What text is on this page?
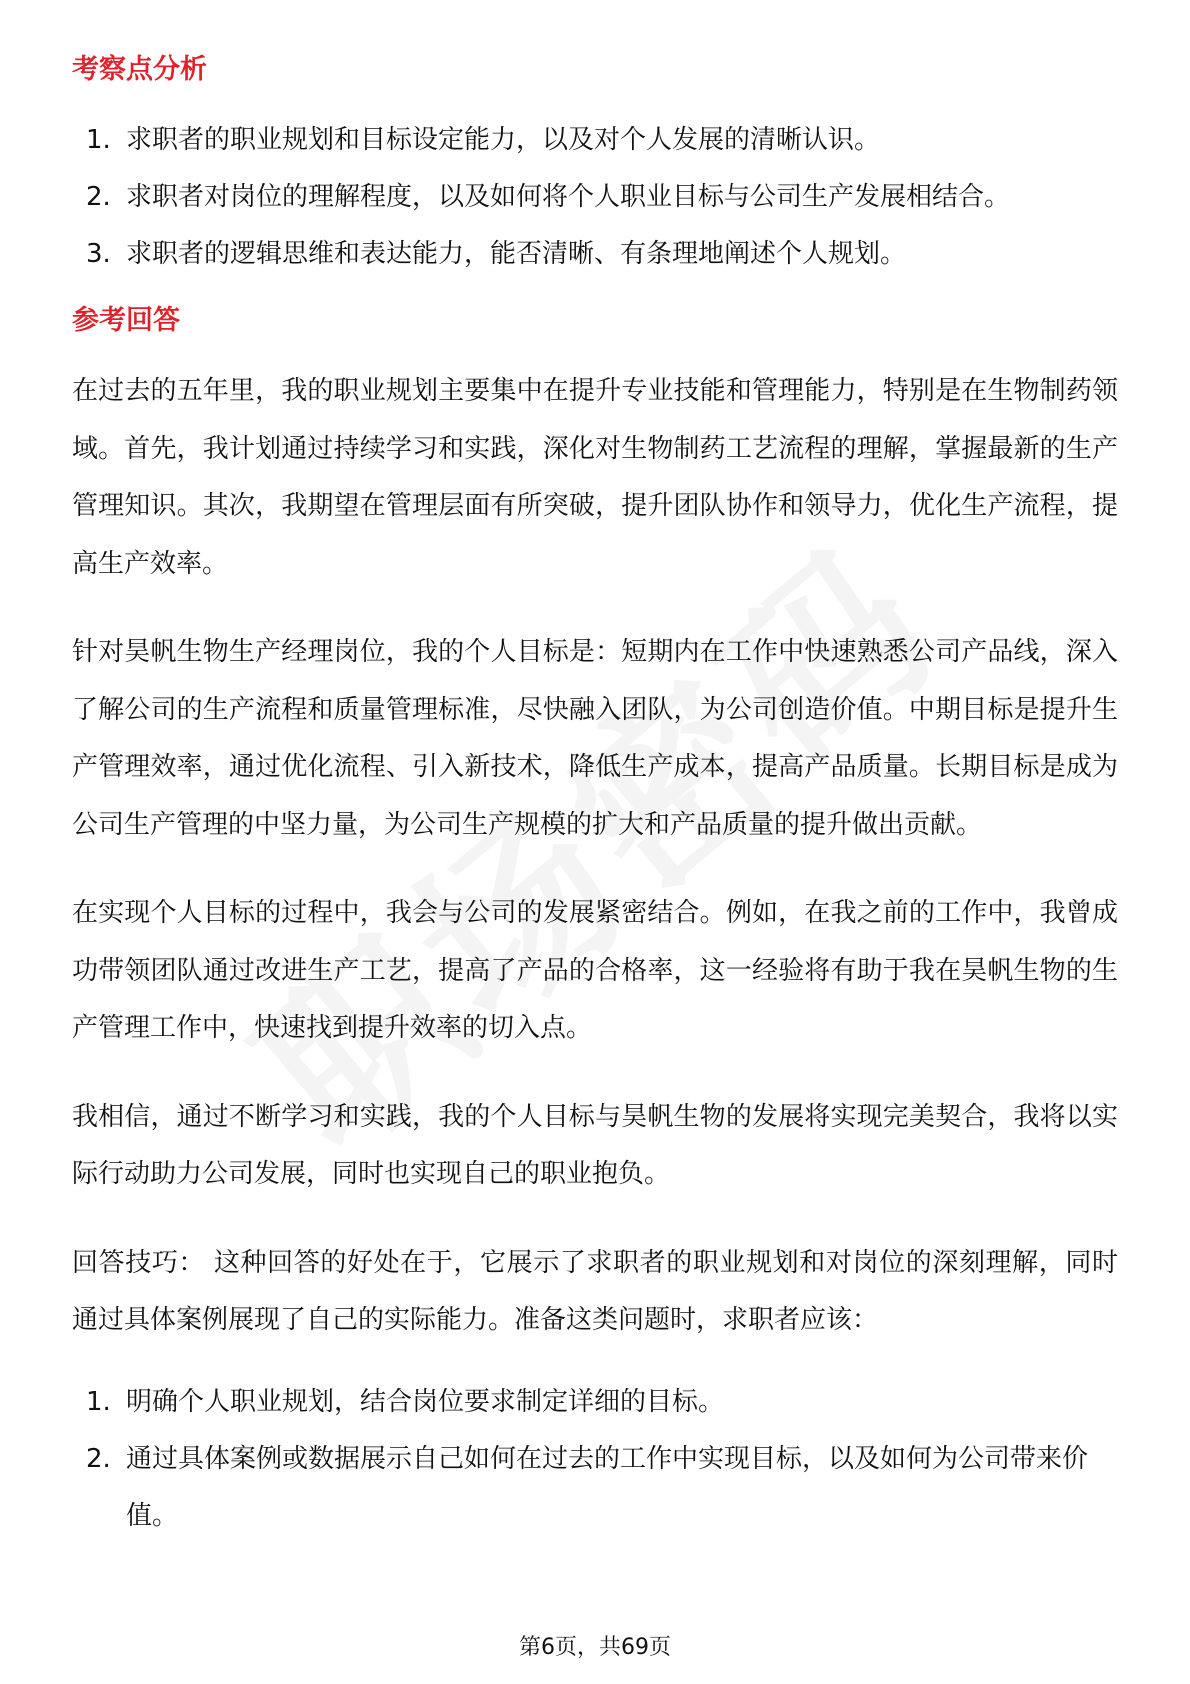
考察点分析
1. 求职者的职业规划和目标设定能力，以及对个人发展的清晰认识。
2. 求职者对岗位的理解程度，以及如何将个人职业目标与公司生产发展相结合。
3. 求职者的逻辑思维和表达能力，能否清晰、有条理地阐述个人规划。
参考回答

在过去的五年里，我的职业规划主要集中在提升专业技能和管理能力，特别是在生物制药领域。首先，我计划通过持续学习和实践，深化对生物制药工艺流程的理解，掌握最新的生产管理知识。其次，我期望在管理层面有所突破，提升团队协作和领导力，优化生产流程，提高生产效率。

针对昊帆生物生产经理岗位，我的个人目标是：短期内在工作中快速熟悉公司产品线，深入了解公司的生产流程和质量管理标准，尽快融入团队，为公司创造价值。中期目标是提升生产管理效率，通过优化流程、引入新技术，降低生产成本，提高产品质量。长期目标是成为公司生产管理的中坚力量，为公司生产规模的扩大和产品质量的提升做出贡献。

在实现个人目标的过程中，我会与公司的发展紧密结合。例如，在我之前的工作中，我曾成功带领团队通过改进生产工艺，提高了产品的合格率，这一经验将有助于我在昊帆生物的生产管理工作中，快速找到提升效率的切入点。

我相信，通过不断学习和实践，我的个人目标与昊帆生物的发展将实现完美契合，我将以实际行动助力公司发展，同时也实现自己的职业抱负。

回答技巧： 这种回答的好处在于，它展示了求职者的职业规划和对岗位的深刻理解，同时通过具体案例展现了自己的实际能力。准备这类问题时，求职者应该：

1. 明确个人职业规划，结合岗位要求制定详细的目标。
2. 通过具体案例或数据展示自己如何在过去的工作中实现目标，以及如何为公司带来价值。
第6页，共69页
